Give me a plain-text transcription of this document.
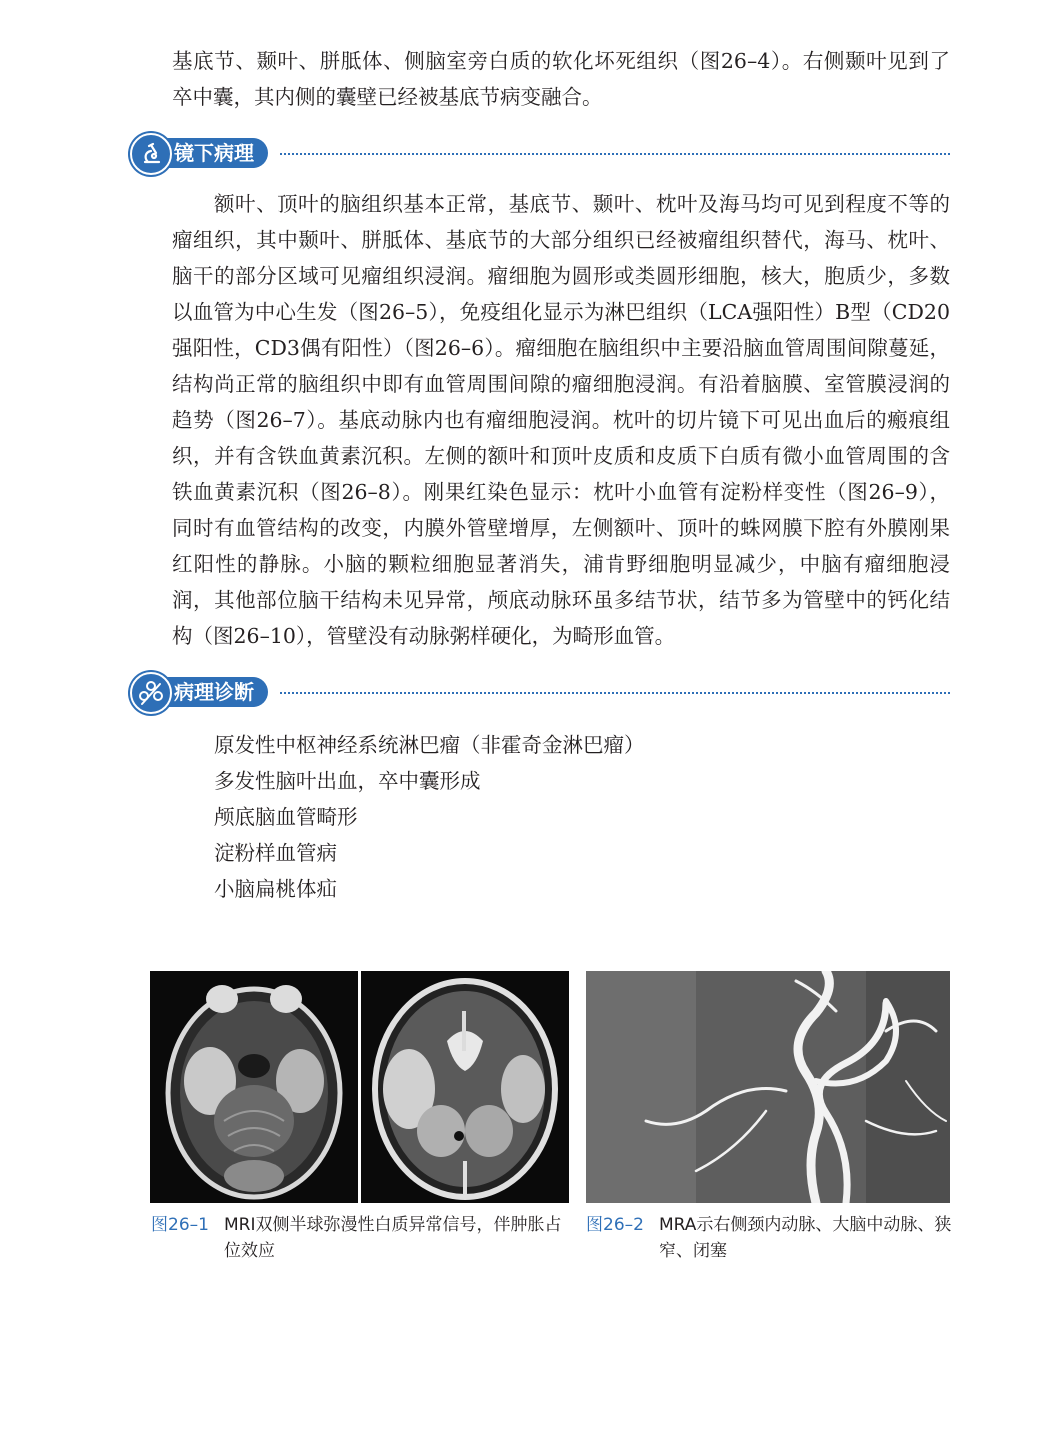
基底节、颞叶、胼胝体、侧脑室旁白质的软化坏死组织（图26–4）。右侧颞叶见到了
卒中囊，其内侧的囊壁已经被基底节病变融合。

镜下病理

额叶、顶叶的脑组织基本正常，基底节、颞叶、枕叶及海马均可见到程度不等的
瘤组织，其中颞叶、胼胝体、基底节的大部分组织已经被瘤组织替代，海马、枕叶、
脑干的部分区域可见瘤组织浸润。瘤细胞为圆形或类圆形细胞，核大，胞质少，多数
以血管为中心生发（图26–5），免疫组化显示为淋巴组织（LCA强阳性）B型（CD20
强阳性，CD3偶有阳性）（图26–6）。瘤细胞在脑组织中主要沿脑血管周围间隙蔓延，
结构尚正常的脑组织中即有血管周围间隙的瘤细胞浸润。有沿着脑膜、室管膜浸润的
趋势（图26–7）。基底动脉内也有瘤细胞浸润。枕叶的切片镜下可见出血后的瘢痕组
织，并有含铁血黄素沉积。左侧的额叶和顶叶皮质和皮质下白质有微小血管周围的含
铁血黄素沉积（图26–8）。刚果红染色显示：枕叶小血管有淀粉样变性（图26–9），
同时有血管结构的改变，内膜外管壁增厚，左侧额叶、顶叶的蛛网膜下腔有外膜刚果
红阳性的静脉。小脑的颗粒细胞显著消失，浦肯野细胞明显减少，中脑有瘤细胞浸
润，其他部位脑干结构未见异常，颅底动脉环虽多结节状，结节多为管壁中的钙化结
构（图26–10），管壁没有动脉粥样硬化，为畸形血管。

病理诊断
原发性中枢神经系统淋巴瘤（非霍奇金淋巴瘤）
多发性脑叶出血，卒中囊形成
颅底脑血管畸形
淀粉样血管病
小脑扁桃体疝
图26–1 MRI双侧半球弥漫性白质异常信号，伴肿胀占位效应
图26–2 MRA示右侧颈内动脉、大脑中动脉、狭窄、闭塞
